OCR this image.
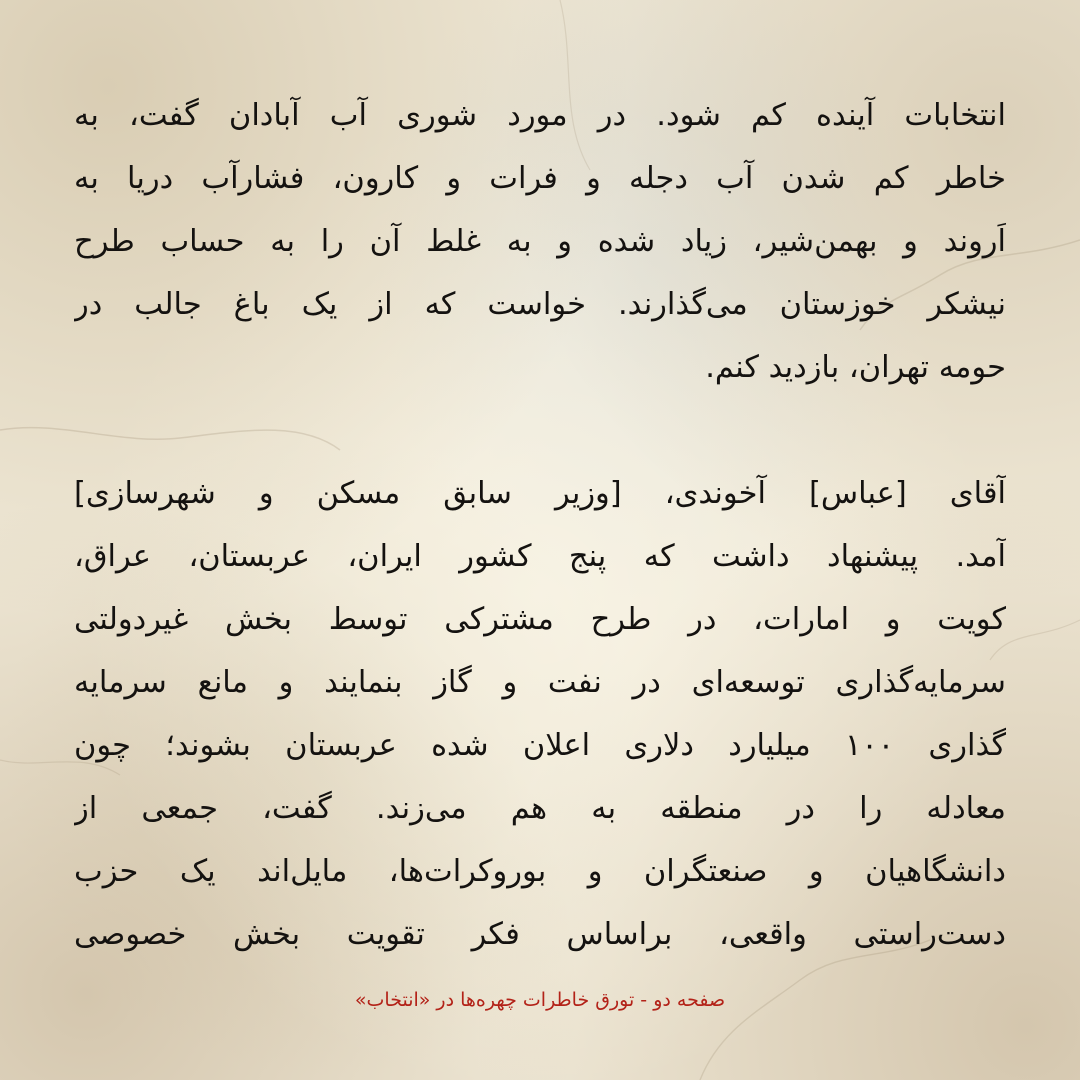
انتخابات آینده کم شود. در مورد شوری آب آبادان گفت، به
خاطر کم شدن آب دجله و فرات و کارون، فشارآب دریا به
اَروند و بهمن‌شیر، زیاد شده و به غلط آن را به حساب طرح
نیشکر خوزستان می‌گذارند. خواست که از یک باغ جالب در
حومه تهران، بازدید کنم.
آقای [عباس] آخوندی، [وزیر سابق مسکن و شهرسازی]
آمد. پیشنهاد داشت که پنج کشور ایران، عربستان، عراق،
کویت و امارات، در طرح مشترکی توسط بخش غیردولتی
سرمایه‌گذاری توسعه‌ای در نفت و گاز بنمایند و مانع سرمایه
گذاری ۱۰۰ میلیارد دلاری اعلان شده عربستان بشوند؛ چون
معادله را در منطقه به هم می‌زند. گفت، جمعی از
دانشگاهیان و صنعتگران و بوروکرات‌ها، مایل‌اند یک حزب
دست‌راستی واقعی، براساس فکر تقویت بخش خصوصی
صفحه دو - تورق خاطرات چهره‌ها در «انتخاب»
